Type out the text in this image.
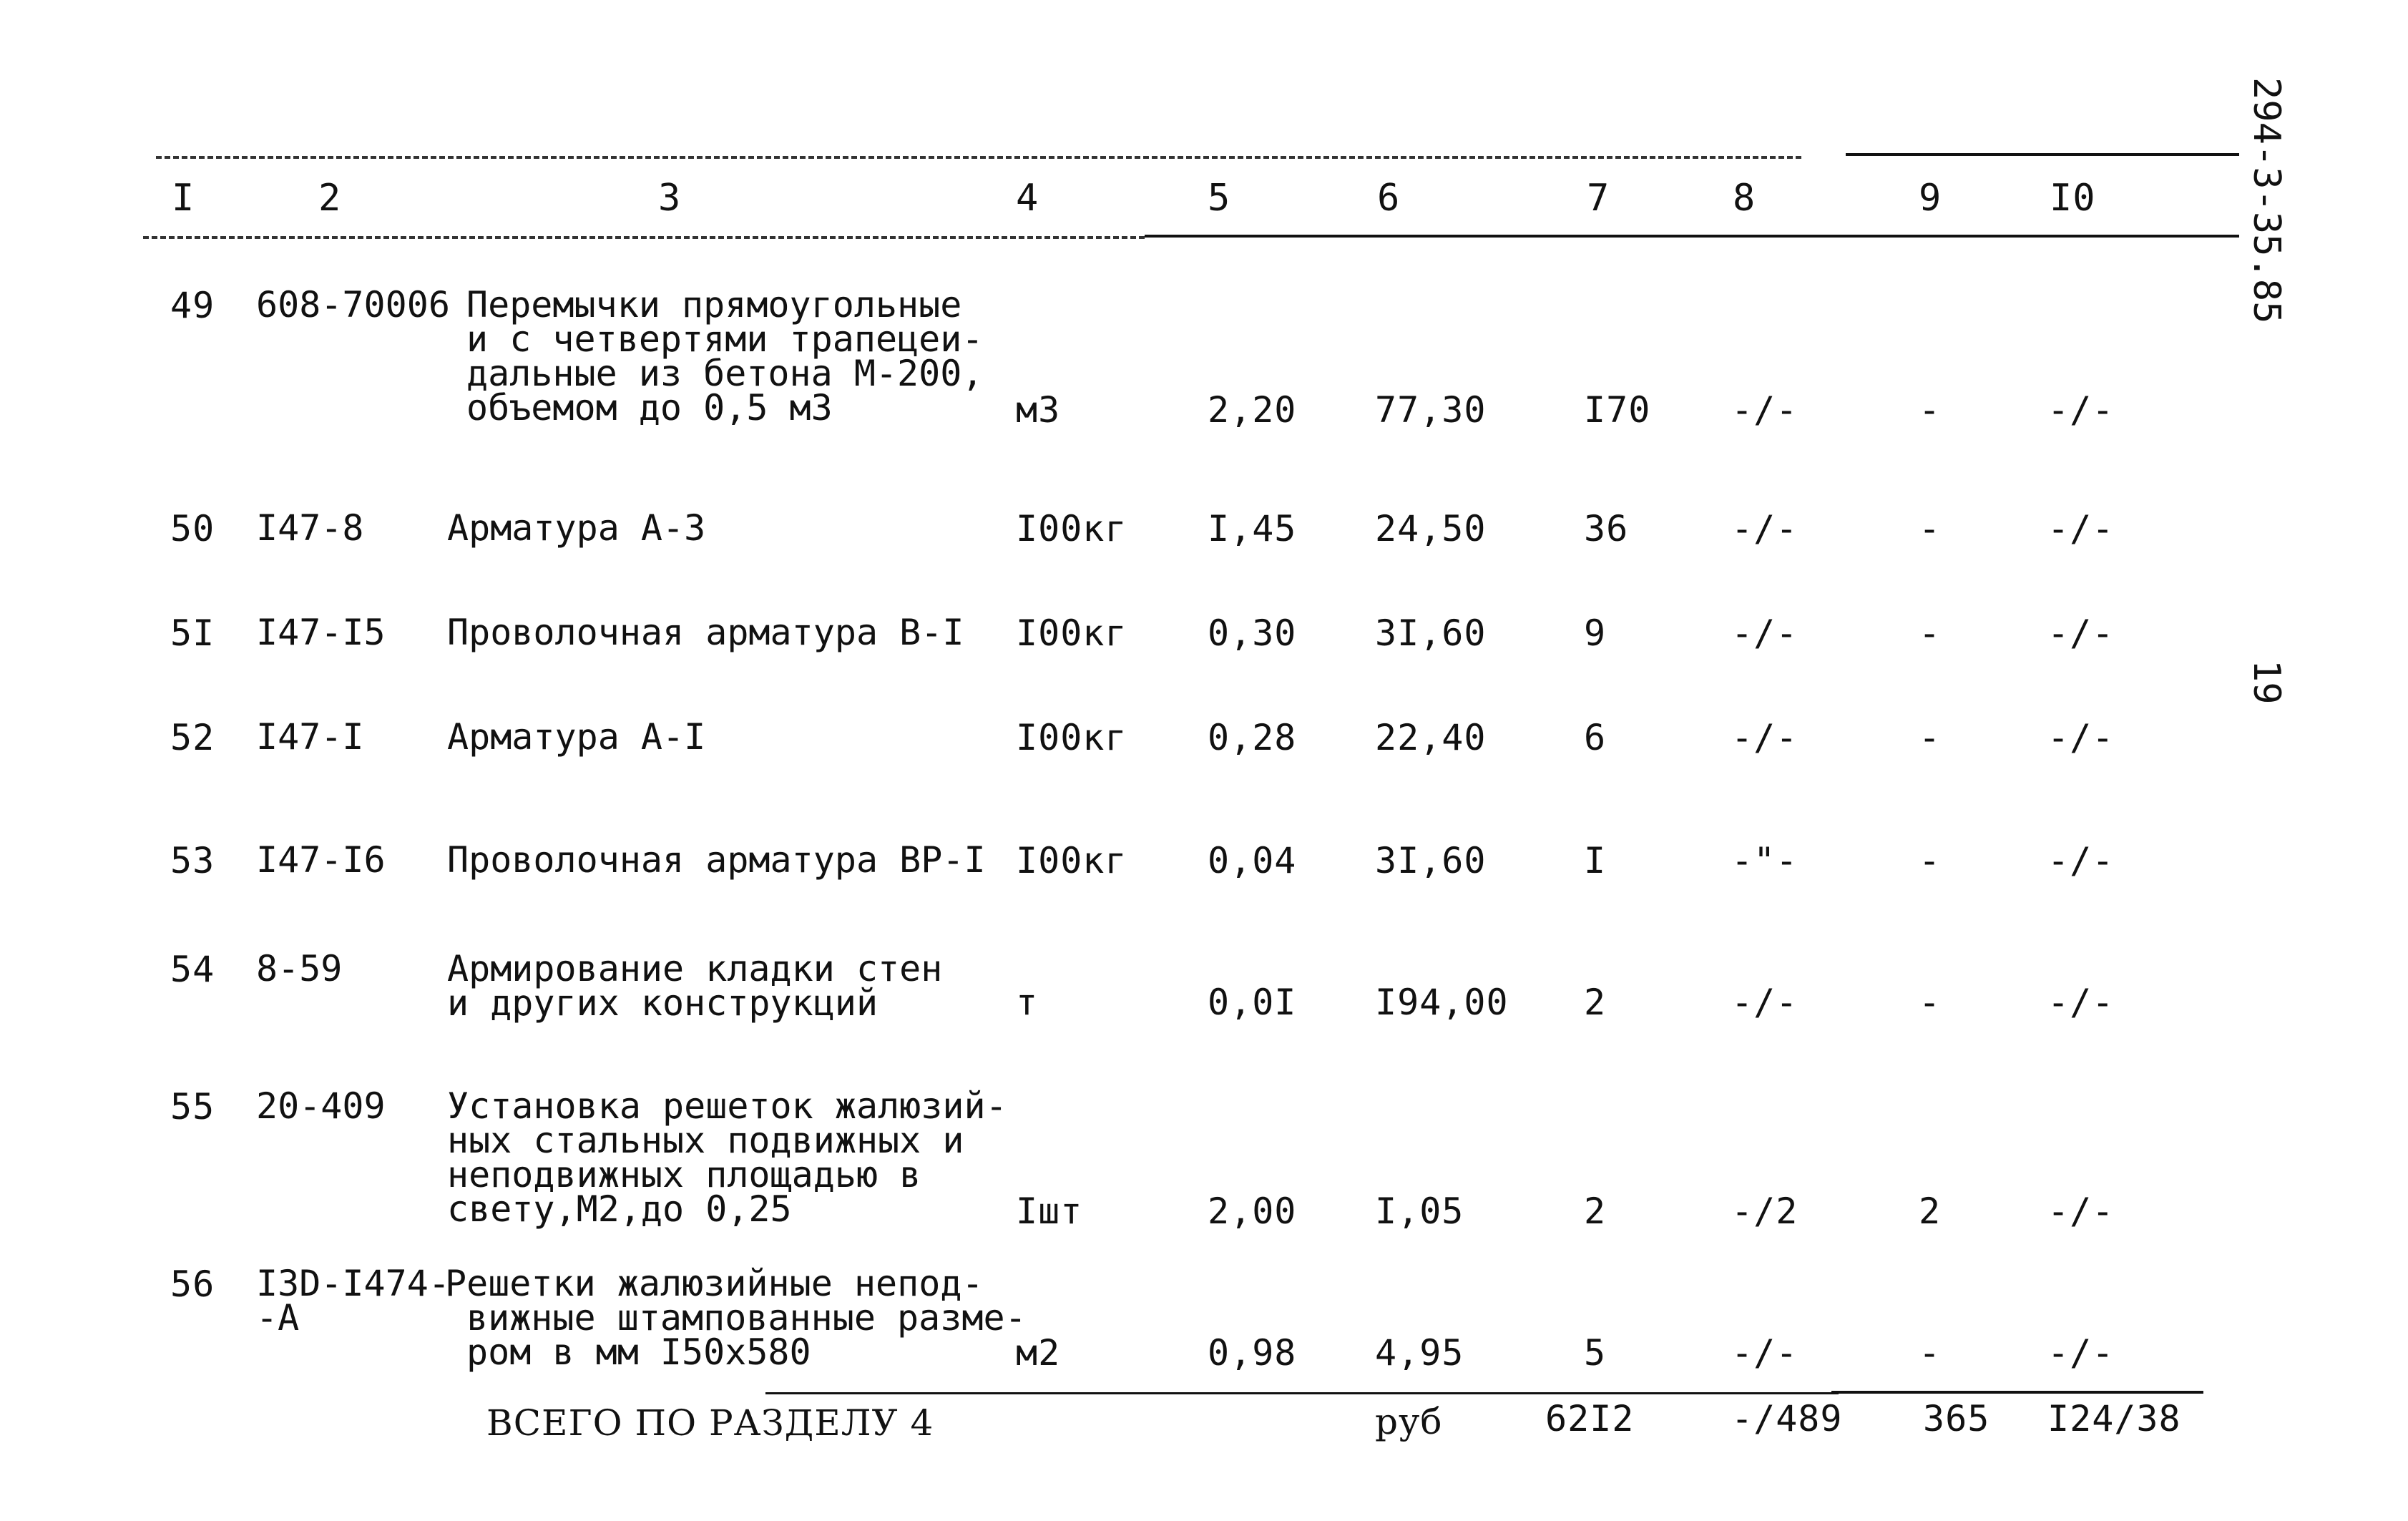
294-3-35.85
19
I	2	3	4	5	6	7	8	9	I0
49 608-70006 Перемычки прямоугольные
и с четвертями трапецеи-
дальные из бетона М-200,
объемом до 0,5 м3	м3	2,20 77,30	I70 -/-	-	-/-
50 I47-8 Арматура А-3	I00кг I,45 24,50	36	-/-	-	-/-
5I I47-I5 Проволочная арматура В-I I00кг 0,30 3I,60	9	-/-	-	-/-
52 I47-I Арматура А-I	I00кг 0,28 22,40	6	-/-	-	-/-
53 I47-I6 Проволочная арматура ВР-I I00кг 0,04 3I,60	I	-"-	-	-/-
54 8-59	Армирование кладки стен
и других конструкций	т	0,0I I94,00 2	-/-	-	-/-
55 20-409 Установка решеток жалюзий-
ных стальных подвижных и
неподвижных площадью в
свету,М2,до 0,25	Iшт	2,00 I,05	2	-/2	2	-/-
56 I3D-I474-
-А
Решетки жалюзийные непод-
вижные штампованные разме-
ром в мм I50х580	м2	0,98 4,95	5	-/-	-	-/-
ВСЕГО ПО РАЗДЕЛУ 4	руб	62I2	-/489 365 I24/38
